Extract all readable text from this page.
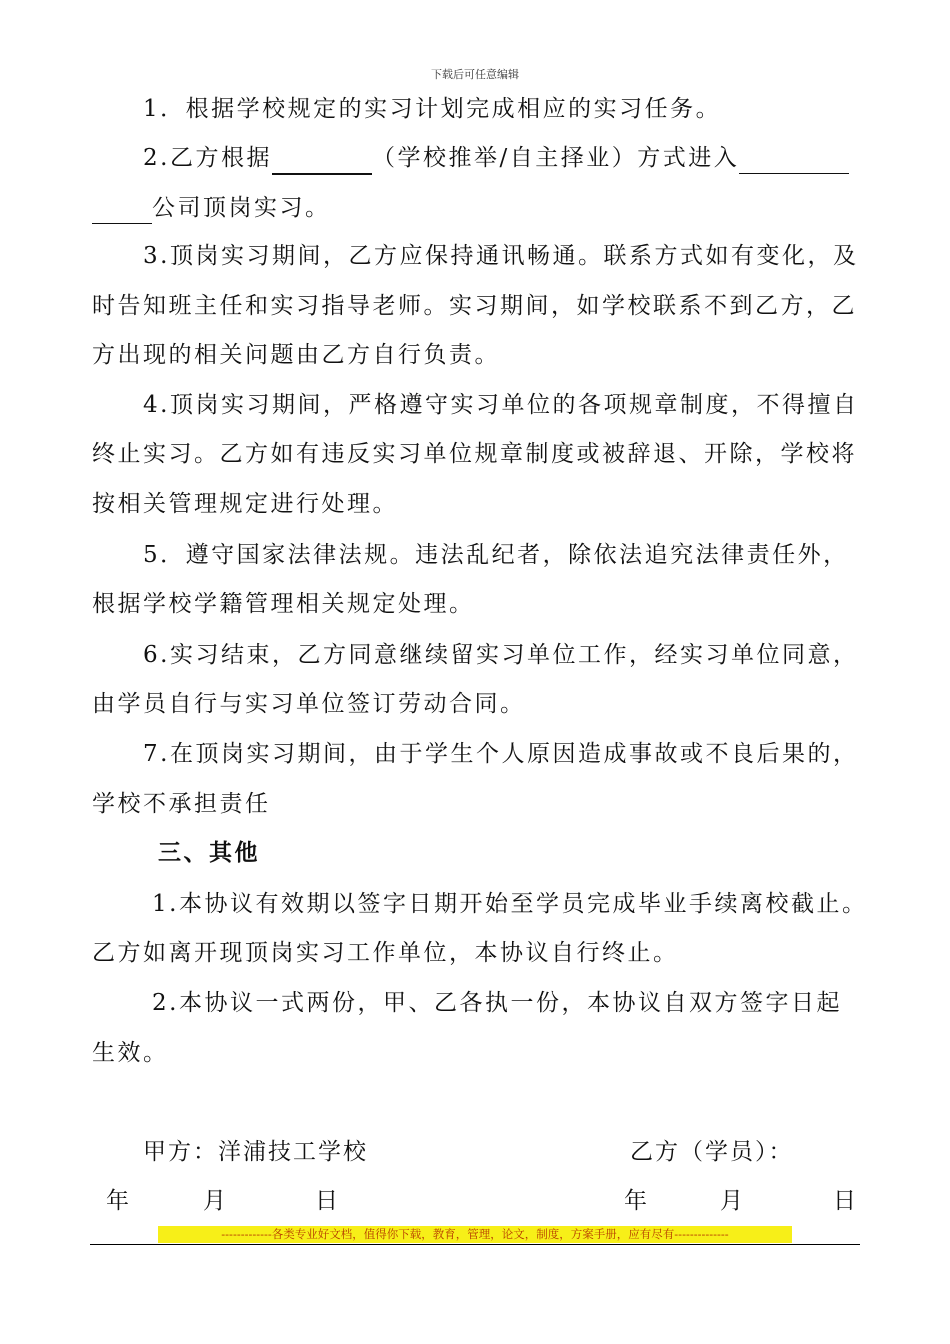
下载后可任意编辑
1．根据学校规定的实习计划完成相应的实习任务。
2.乙方根据	（学校推举/自主择业）方式进入
公司顶岗实习。
3.顶岗实习期间，乙方应保持通讯畅通。联系方式如有变化，及
时告知班主任和实习指导老师。实习期间，如学校联系不到乙方，乙
方出现的相关问题由乙方自行负责。
4.顶岗实习期间，严格遵守实习单位的各项规章制度，不得擅自
终止实习。乙方如有违反实习单位规章制度或被辞退、开除，学校将
按相关管理规定进行处理。
5．遵守国家法律法规。违法乱纪者，除依法追究法律责任外，
根据学校学籍管理相关规定处理。
6.实习结束，乙方同意继续留实习单位工作，经实习单位同意，
由学员自行与实习单位签订劳动合同。
7.在顶岗实习期间，由于学生个人原因造成事故或不良后果的，
学校不承担责任
三、其他
1.本协议有效期以签字日期开始至学员完成毕业手续离校截止。
乙方如离开现顶岗实习工作单位，本协议自行终止。
2.本协议一式两份，甲、乙各执一份，本协议自双方签字日起
生效。
甲方：洋浦技工学校	乙方（学员）：
年	月	日	年	月	日
-------------各类专业好文档，值得你下载，教育，管理，论文，制度，方案手册，应有尽有--------------
